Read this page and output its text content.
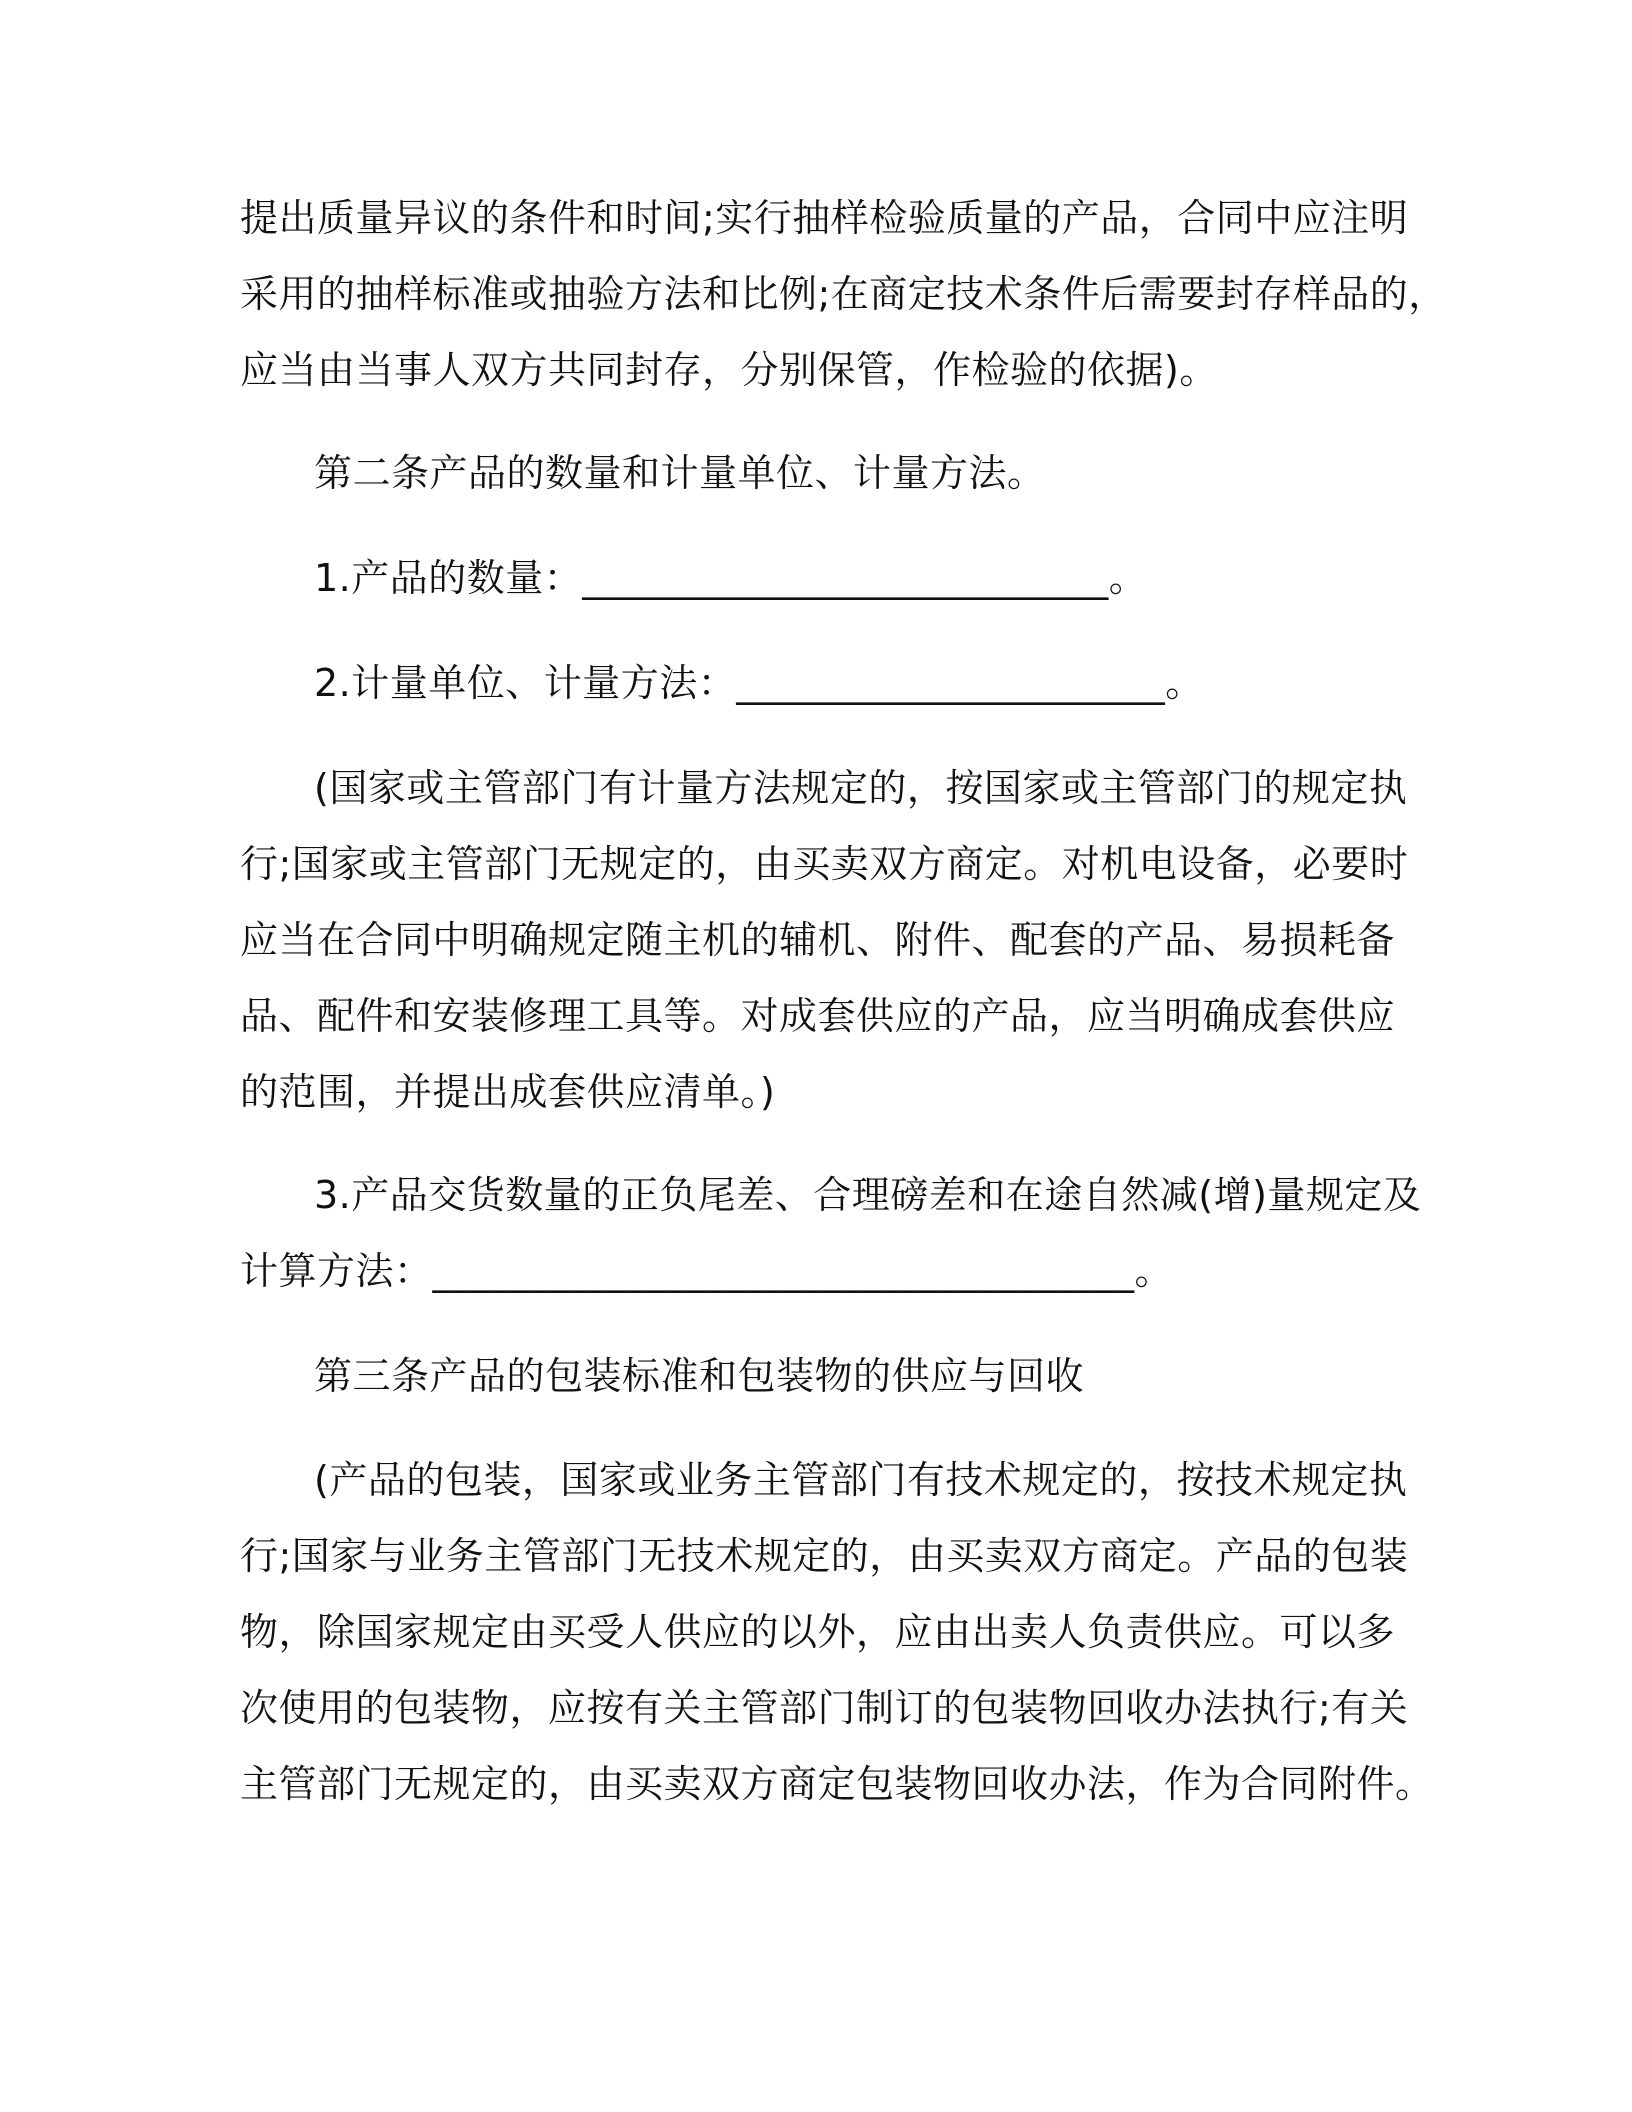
提出质量异议的条件和时间;实行抽样检验质量的产品，合同中应注明
采用的抽样标准或抽验方法和比例;在商定技术条件后需要封存样品的，
应当由当事人双方共同封存，分别保管，作检验的依据)。
第二条产品的数量和计量单位、计量方法。
1.产品的数量：___________________________。
2.计量单位、计量方法：______________________。
(国家或主管部门有计量方法规定的，按国家或主管部门的规定执
行;国家或主管部门无规定的，由买卖双方商定。对机电设备，必要时
应当在合同中明确规定随主机的辅机、附件、配套的产品、易损耗备
品、配件和安装修理工具等。对成套供应的产品，应当明确成套供应
的范围，并提出成套供应清单。)
3.产品交货数量的正负尾差、合理磅差和在途自然减(增)量规定及
计算方法：____________________________________。
第三条产品的包装标准和包装物的供应与回收
(产品的包装，国家或业务主管部门有技术规定的，按技术规定执
行;国家与业务主管部门无技术规定的，由买卖双方商定。产品的包装
物，除国家规定由买受人供应的以外，应由出卖人负责供应。可以多
次使用的包装物，应按有关主管部门制订的包装物回收办法执行;有关
主管部门无规定的，由买卖双方商定包装物回收办法，作为合同附件。
